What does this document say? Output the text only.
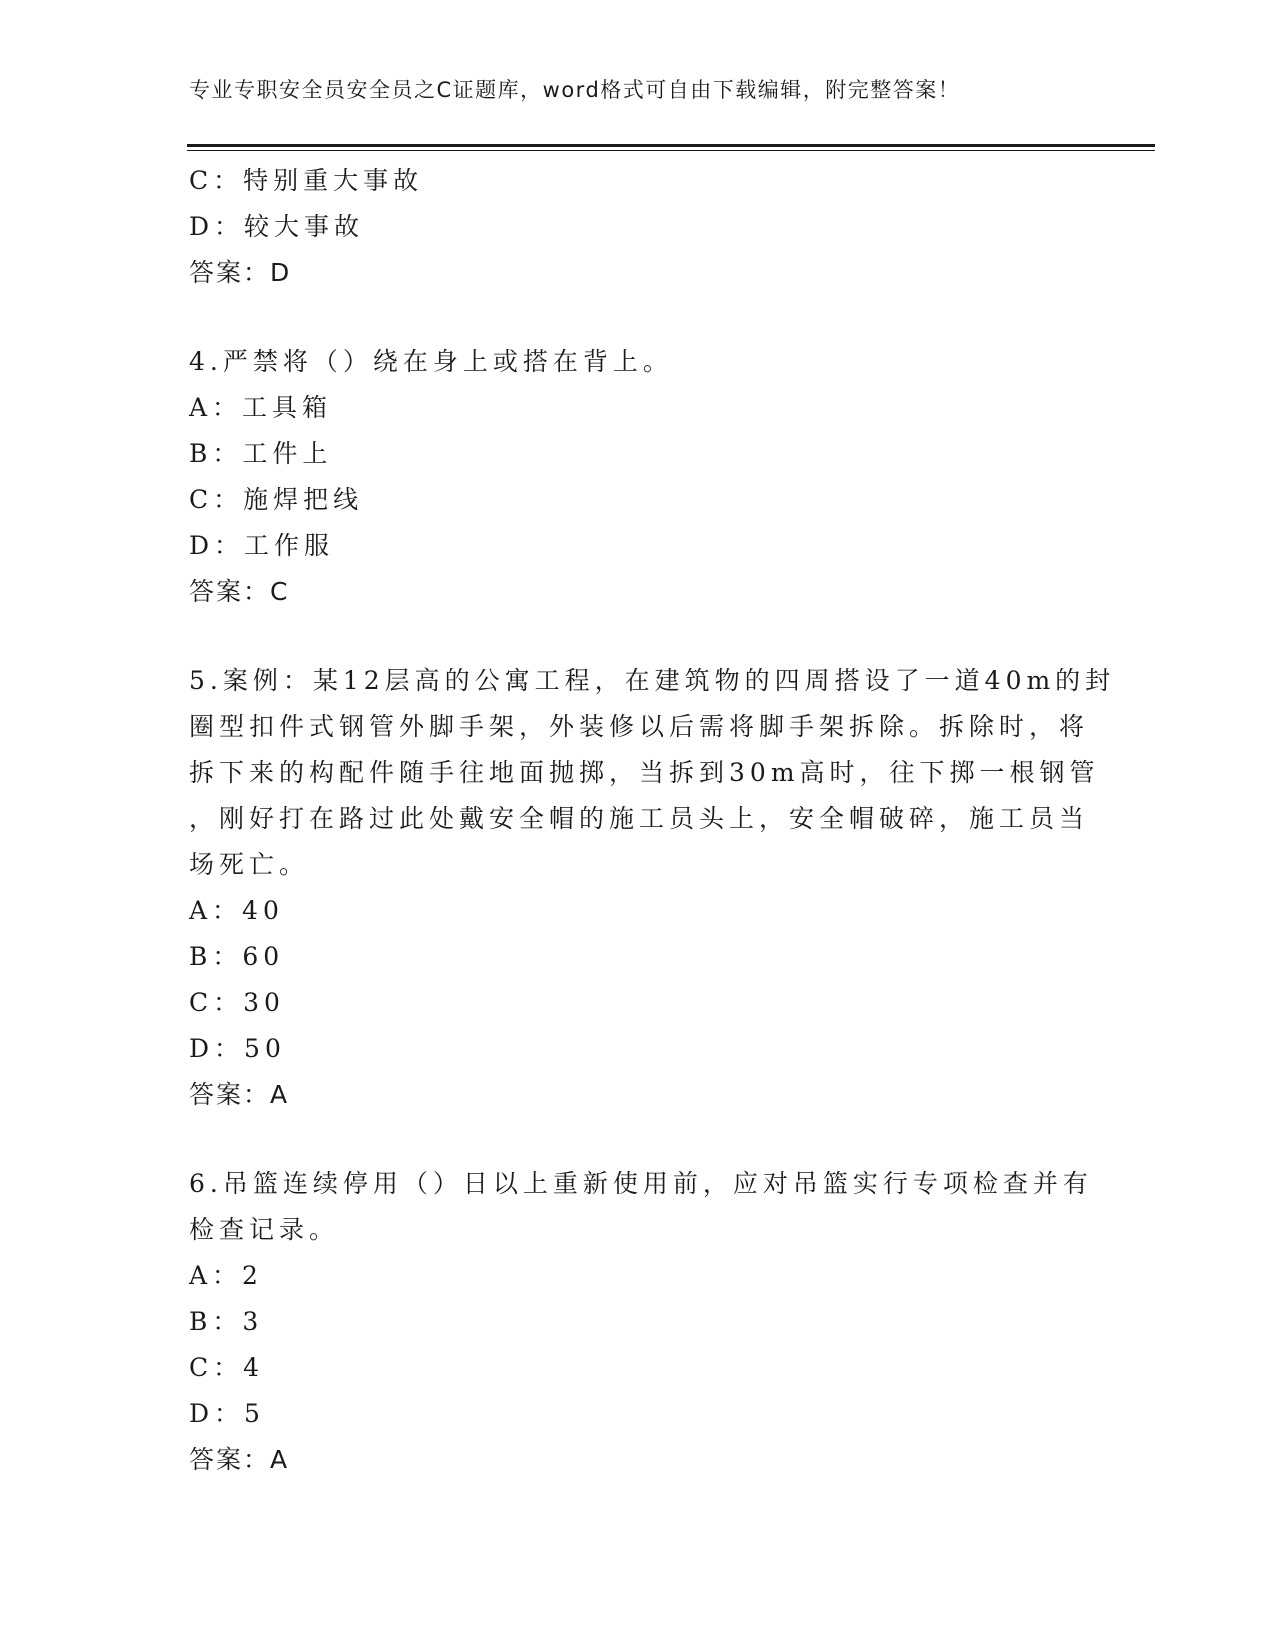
专业专职安全员安全员之C证题库，word格式可自由下载编辑，附完整答案！
C：特别重大事故
D：较大事故
答案：D
4.严禁将（）绕在身上或搭在背上。
A：工具箱
B：工件上
C：施焊把线
D：工作服
答案：C
5.案例：某12层高的公寓工程，在建筑物的四周搭设了一道40m的封
圈型扣件式钢管外脚手架，外装修以后需将脚手架拆除。拆除时，将
拆下来的构配件随手往地面抛掷，当拆到30m高时，往下掷一根钢管
，刚好打在路过此处戴安全帽的施工员头上，安全帽破碎，施工员当
场死亡。
A：40
B：60
C：30
D：50
答案：A
6.吊篮连续停用（）日以上重新使用前，应对吊篮实行专项检查并有
检查记录。
A：2
B：3
C：4
D：5
答案：A
